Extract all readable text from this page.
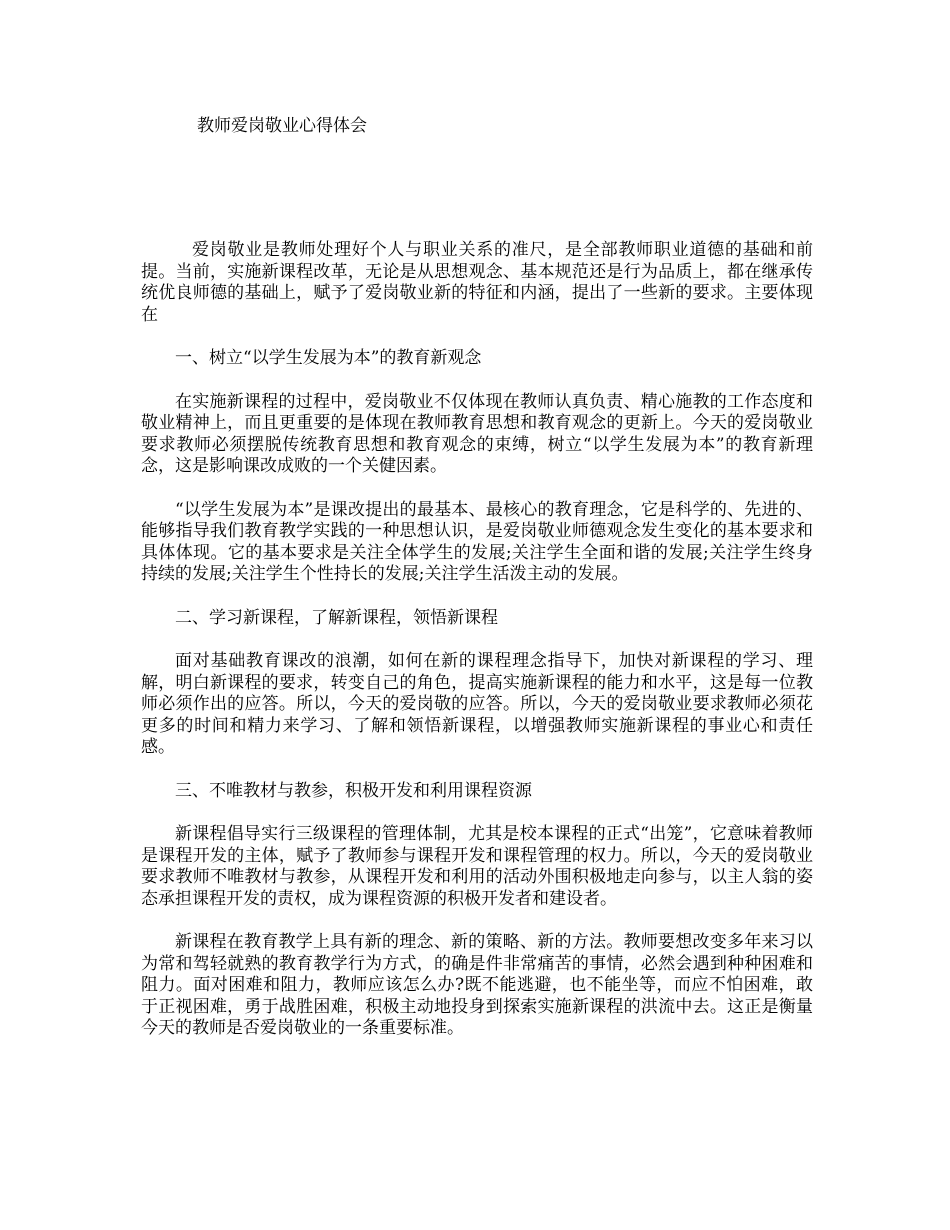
教师爱岗敬业心得体会

爱岗敬业是教师处理好个人与职业关系的准尺，是全部教师职业道德的基础和前提。当前，实施新课程改革，无论是从思想观念、基本规范还是行为品质上，都在继承传统优良师德的基础上，赋予了爱岗敬业新的特征和内涵，提出了一些新的要求。主要体现在

一、树立“以学生发展为本”的教育新观念

在实施新课程的过程中，爱岗敬业不仅体现在教师认真负责、精心施教的工作态度和敬业精神上，而且更重要的是体现在教师教育思想和教育观念的更新上。今天的爱岗敬业要求教师必须摆脱传统教育思想和教育观念的束缚，树立“以学生发展为本”的教育新理念，这是影响课改成败的一个关健因素。

“以学生发展为本”是课改提出的最基本、最核心的教育理念，它是科学的、先进的、能够指导我们教育教学实践的一种思想认识，是爱岗敬业师德观念发生变化的基本要求和具体体现。它的基本要求是关注全体学生的发展;关注学生全面和谐的发展;关注学生终身持续的发展;关注学生个性持长的发展;关注学生活泼主动的发展。

二、学习新课程，了解新课程，领悟新课程

面对基础教育课改的浪潮，如何在新的课程理念指导下，加快对新课程的学习、理解，明白新课程的要求，转变自己的角色，提高实施新课程的能力和水平，这是每一位教师必须作出的应答。所以，今天的爱岗敬的应答。所以，今天的爱岗敬业要求教师必须花更多的时间和精力来学习、了解和领悟新课程，以增强教师实施新课程的事业心和责任感。

三、不唯教材与教参，积极开发和利用课程资源

新课程倡导实行三级课程的管理体制，尤其是校本课程的正式“出笼”，它意味着教师是课程开发的主体，赋予了教师参与课程开发和课程管理的权力。所以，今天的爱岗敬业要求教师不唯教材与教参，从课程开发和利用的活动外围积极地走向参与，以主人翁的姿态承担课程开发的责权，成为课程资源的积极开发者和建设者。

新课程在教育教学上具有新的理念、新的策略、新的方法。教师要想改变多年来习以为常和驾轻就熟的教育教学行为方式，的确是件非常痛苦的事情，必然会遇到种种困难和阻力。面对困难和阻力，教师应该怎么办?既不能逃避，也不能坐等，而应不怕困难，敢于正视困难，勇于战胜困难，积极主动地投身到探索实施新课程的洪流中去。这正是衡量今天的教师是否爱岗敬业的一条重要标准。
